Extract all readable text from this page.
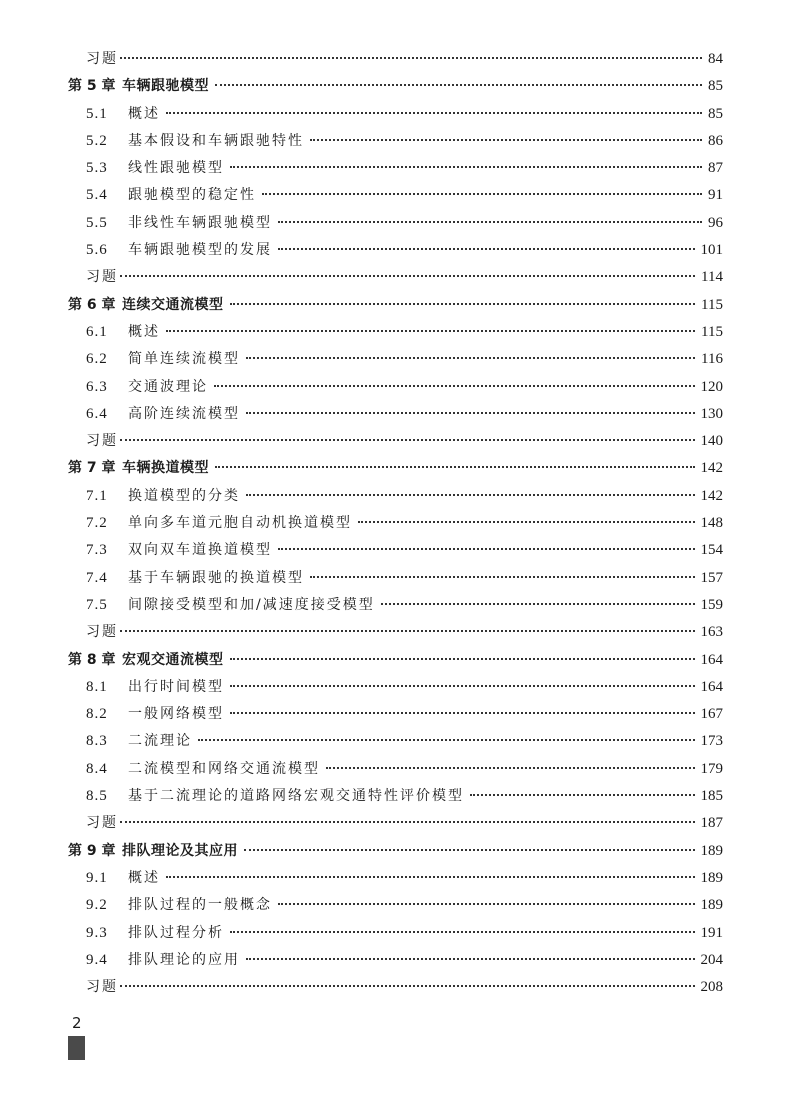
习题	84
第 5 章 车辆跟驰模型	85
5.1	概述	85
5.2	基本假设和车辆跟驰特性	86
5.3	线性跟驰模型	87
5.4	跟驰模型的稳定性	91
5.5	非线性车辆跟驰模型	96
5.6	车辆跟驰模型的发展	101
习题	114
第 6 章 连续交通流模型	115
6.1	概述	115
6.2	简单连续流模型	116
6.3	交通波理论	120
6.4	高阶连续流模型	130
习题	140
第 7 章 车辆换道模型	142
7.1	换道模型的分类	142
7.2	单向多车道元胞自动机换道模型	148
7.3	双向双车道换道模型	154
7.4	基于车辆跟驰的换道模型	157
7.5	间隙接受模型和加/减速度接受模型	159
习题	163
第 8 章 宏观交通流模型	164
8.1	出行时间模型	164
8.2	一般网络模型	167
8.3	二流理论	173
8.4	二流模型和网络交通流模型	179
8.5	基于二流理论的道路网络宏观交通特性评价模型	185
习题	187
第 9 章 排队理论及其应用	189
9.1	概述	189
9.2	排队过程的一般概念	189
9.3	排队过程分析	191
9.4	排队理论的应用	204
习题	208
2
